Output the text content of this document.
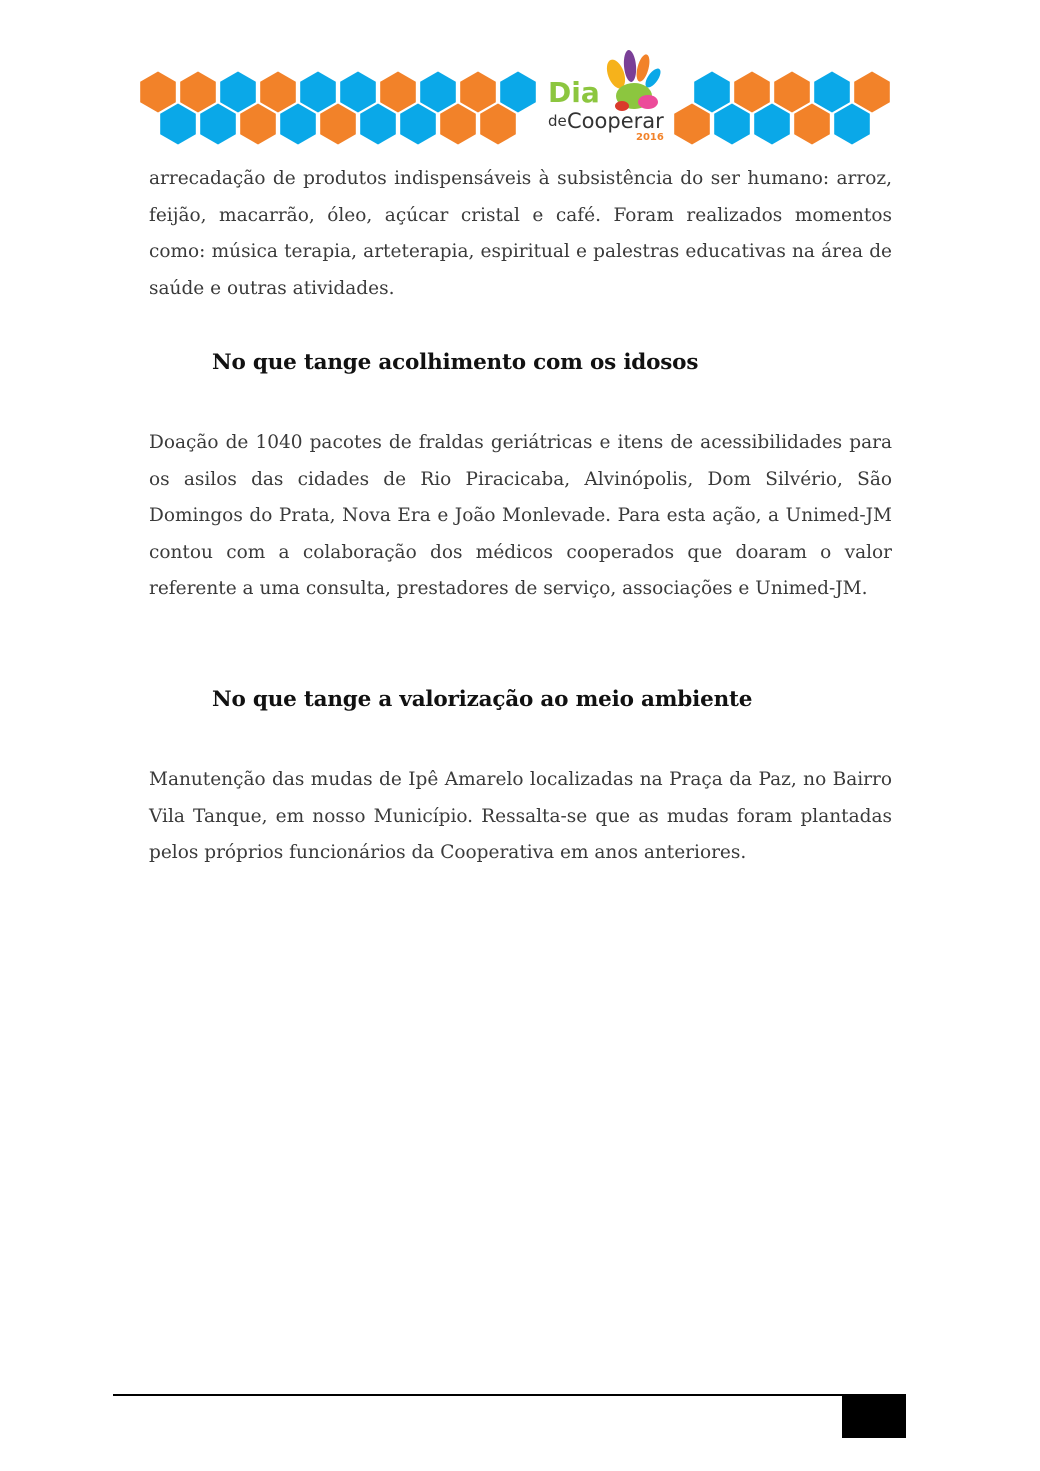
Dia
de Cooperar
2016

arrecadação de produtos indispensáveis à subsistência do ser humano: arroz, feijão, macarrão, óleo, açúcar cristal e café. Foram realizados momentos como: música terapia, arteterapia, espiritual e palestras educativas na área de saúde e outras atividades.

No que tange acolhimento com os idosos

Doação de 1040 pacotes de fraldas geriátricas e itens de acessibilidades para os asilos das cidades de Rio Piracicaba, Alvinópolis, Dom Silvério, São Domingos do Prata, Nova Era e João Monlevade. Para esta ação, a Unimed-JM contou com a colaboração dos médicos cooperados que doaram o valor referente a uma consulta, prestadores de serviço, associações e Unimed-JM.

No que tange a valorização ao meio ambiente

Manutenção das mudas de Ipê Amarelo localizadas na Praça da Paz, no Bairro Vila Tanque, em nosso Município. Ressalta-se que as mudas foram plantadas pelos próprios funcionários da Cooperativa em anos anteriores.
